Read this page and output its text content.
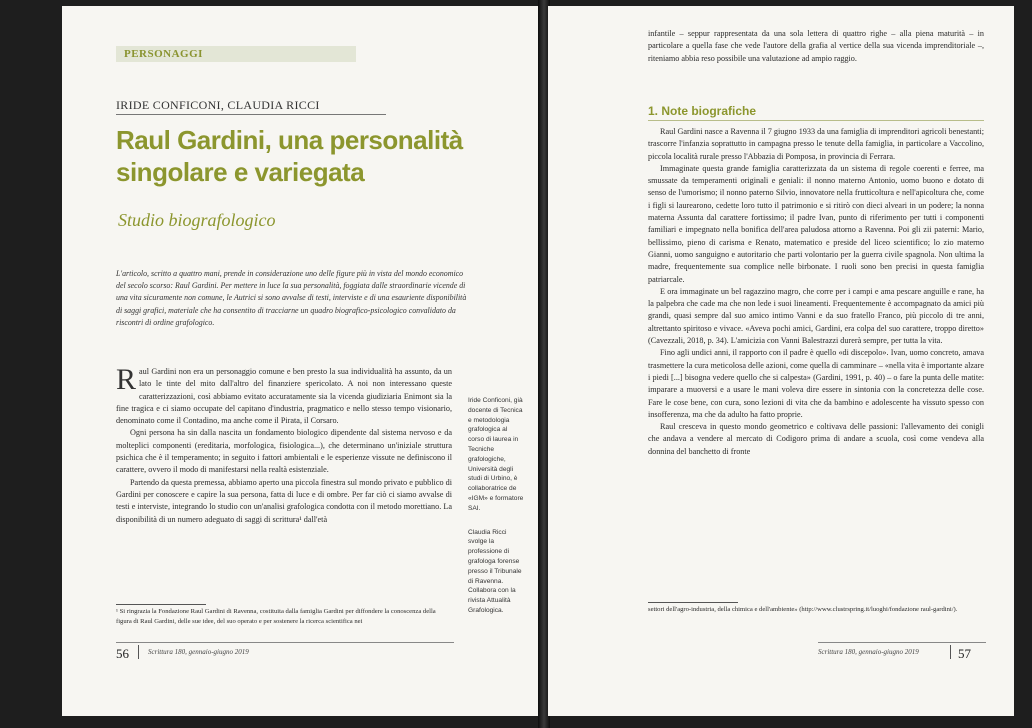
PERSONAGGI
IRIDE CONFICONI, CLAUDIA RICCI
Raul Gardini, una personalità
singolare e variegata
Studio biografologico
L'articolo, scritto a quattro mani, prende in considerazione uno delle figure più in vista del mondo economico del secolo scorso: Raul Gardini. Per mettere in luce la sua personalità, foggiata dalle straordinarie vicende di una vita sicuramente non comune, le Autrici si sono avvalse di testi, interviste e di una esauriente disponibilità di saggi grafici, materiale che ha consentito di tracciarne un quadro biografico-psicologico convalidato da riscontri di ordine grafologico.

Raul Gardini non era un personaggio comune e ben presto la sua individualità ha assunto, da un lato le tinte del mito dall'altro del finanziere spericolato. A noi non interessano queste caratterizzazioni, così abbiamo evitato accuratamente sia la vicenda giudiziaria Enimont sia la fine tragica e ci siamo occupate del capitano d'industria, pragmatico e nello stesso tempo visionario, denominato come il Contadino, ma anche come il Pirata, il Corsaro.

Ogni persona ha sin dalla nascita un fondamento biologico dipendente dal sistema nervoso e da molteplici componenti (ereditaria, morfologica, fisiologica...), che determinano un'iniziale struttura psichica che è il temperamento; in seguito i fattori ambientali e le esperienze vissute ne definiscono il carattere, ovvero il modo di manifestarsi nella realtà esistenziale.

Partendo da questa premessa, abbiamo aperto una piccola finestra sul mondo privato e pubblico di Gardini per conoscere e capire la sua persona, fatta di luce e di ombre. Per far ciò ci siamo avvalse di testi e interviste, integrando lo studio con un'analisi grafologica condotta con il metodo morettiano. La disponibilità di un numero adeguato di saggi di scrittura¹ dall'età

Iride Conficoni, già docente di Tecnica e metodologia grafologica al corso di laurea in Tecniche grafologiche, Università degli studi di Urbino, è collaboratrice de «IGM» e formatore SAI.
Claudia Ricci svolge la professione di grafologa forense presso il Tribunale di Ravenna. Collabora con la rivista Attualità Grafologica.
¹ Si ringrazia la Fondazione Raul Gardini di Ravenna, costituita dalla famiglia Gardini per diffondere la conoscenza della figura di Raul Gardini, delle sue idee, del suo operato e per sostenere la ricerca scientifica nei
56	Scrittura 180, gennaio-giugno 2019
infantile – seppur rappresentata da una sola lettera di quattro righe – alla piena maturità – in particolare a quella fase che vede l'autore della grafia al vertice della sua vicenda imprenditoriale –, riteniamo abbia reso possibile una valutazione ad ampio raggio.
1. Note biografiche

Raul Gardini nasce a Ravenna il 7 giugno 1933 da una famiglia di imprenditori agricoli benestanti; trascorre l'infanzia soprattutto in campagna presso le tenute della famiglia, in particolare a Vaccolino, piccola località rurale presso l'Abbazia di Pomposa, in provincia di Ferrara.

Immaginate questa grande famiglia caratterizzata da un sistema di regole coerenti e ferree, ma smussate da temperamenti originali e geniali: il nonno materno Antonio, uomo buono e dotato di senso de l'umorismo; il nonno paterno Silvio, innovatore nella frutticoltura e nell'apicoltura che, come i figli si laurearono, cedette loro tutto il patrimonio e si ritirò con dieci alveari in un podere; la nonna materna Assunta dal carattere fortissimo; il padre Ivan, punto di riferimento per tutti i componenti familiari e impegnato nella bonifica dell'area paludosa attorno a Ravenna. Poi gli zii paterni: Mario, bellissimo, pieno di carisma e Renato, matematico e preside del liceo scientifico; lo zio materno Gianni, uomo sanguigno e autoritario che parti volontario per la guerra civile spagnola. Non ultima la madre, frequentemente sua complice nelle birbonate. I ruoli sono ben precisi in questa famiglia patriarcale.

E ora immaginate un bel ragazzino magro, che corre per i campi e ama pescare anguille e rane, ha la palpebra che cade ma che non lede i suoi lineamenti. Frequentemente è accompagnato da amici più grandi, quasi sempre dal suo amico intimo Vanni e da suo fratello Franco, più piccolo di tre anni, altrettanto spiritoso e vivace. «Aveva pochi amici, Gardini, era colpa del suo carattere, troppo diretto» (Cavezzali, 2018, p. 34). L'amicizia con Vanni Balestrazzi durerà sempre, per tutta la vita.

Fino agli undici anni, il rapporto con il padre è quello «di discepolo». Ivan, uomo concreto, amava trasmettere la cura meticolosa delle azioni, come quella di camminare – «nella vita è importante alzare i piedi [...] bisogna vedere quello che si calpesta» (Gardini, 1991, p. 40) – o fare la punta delle matite: imparare a muoversi e a usare le mani voleva dire essere in sintonia con la concretezza delle cose. Fare le cose bene, con cura, sono lezioni di vita che da bambino e adolescente ha vissuto spesso con insofferenza, ma che da adulto ha fatto proprie.

Raul cresceva in questo mondo geometrico e coltivava delle passioni: l'allevamento dei conigli che andava a vendere al mercato di Codigoro prima di andare a scuola, così come vendeva alla donnina del banchetto di fronte

settori dell'agro-industria, della chimica e dell'ambiente» (http://www.clustrspring.it/luoghi/fondazione raul-gardini/).
Scrittura 180, gennaio-giugno 2019	57
